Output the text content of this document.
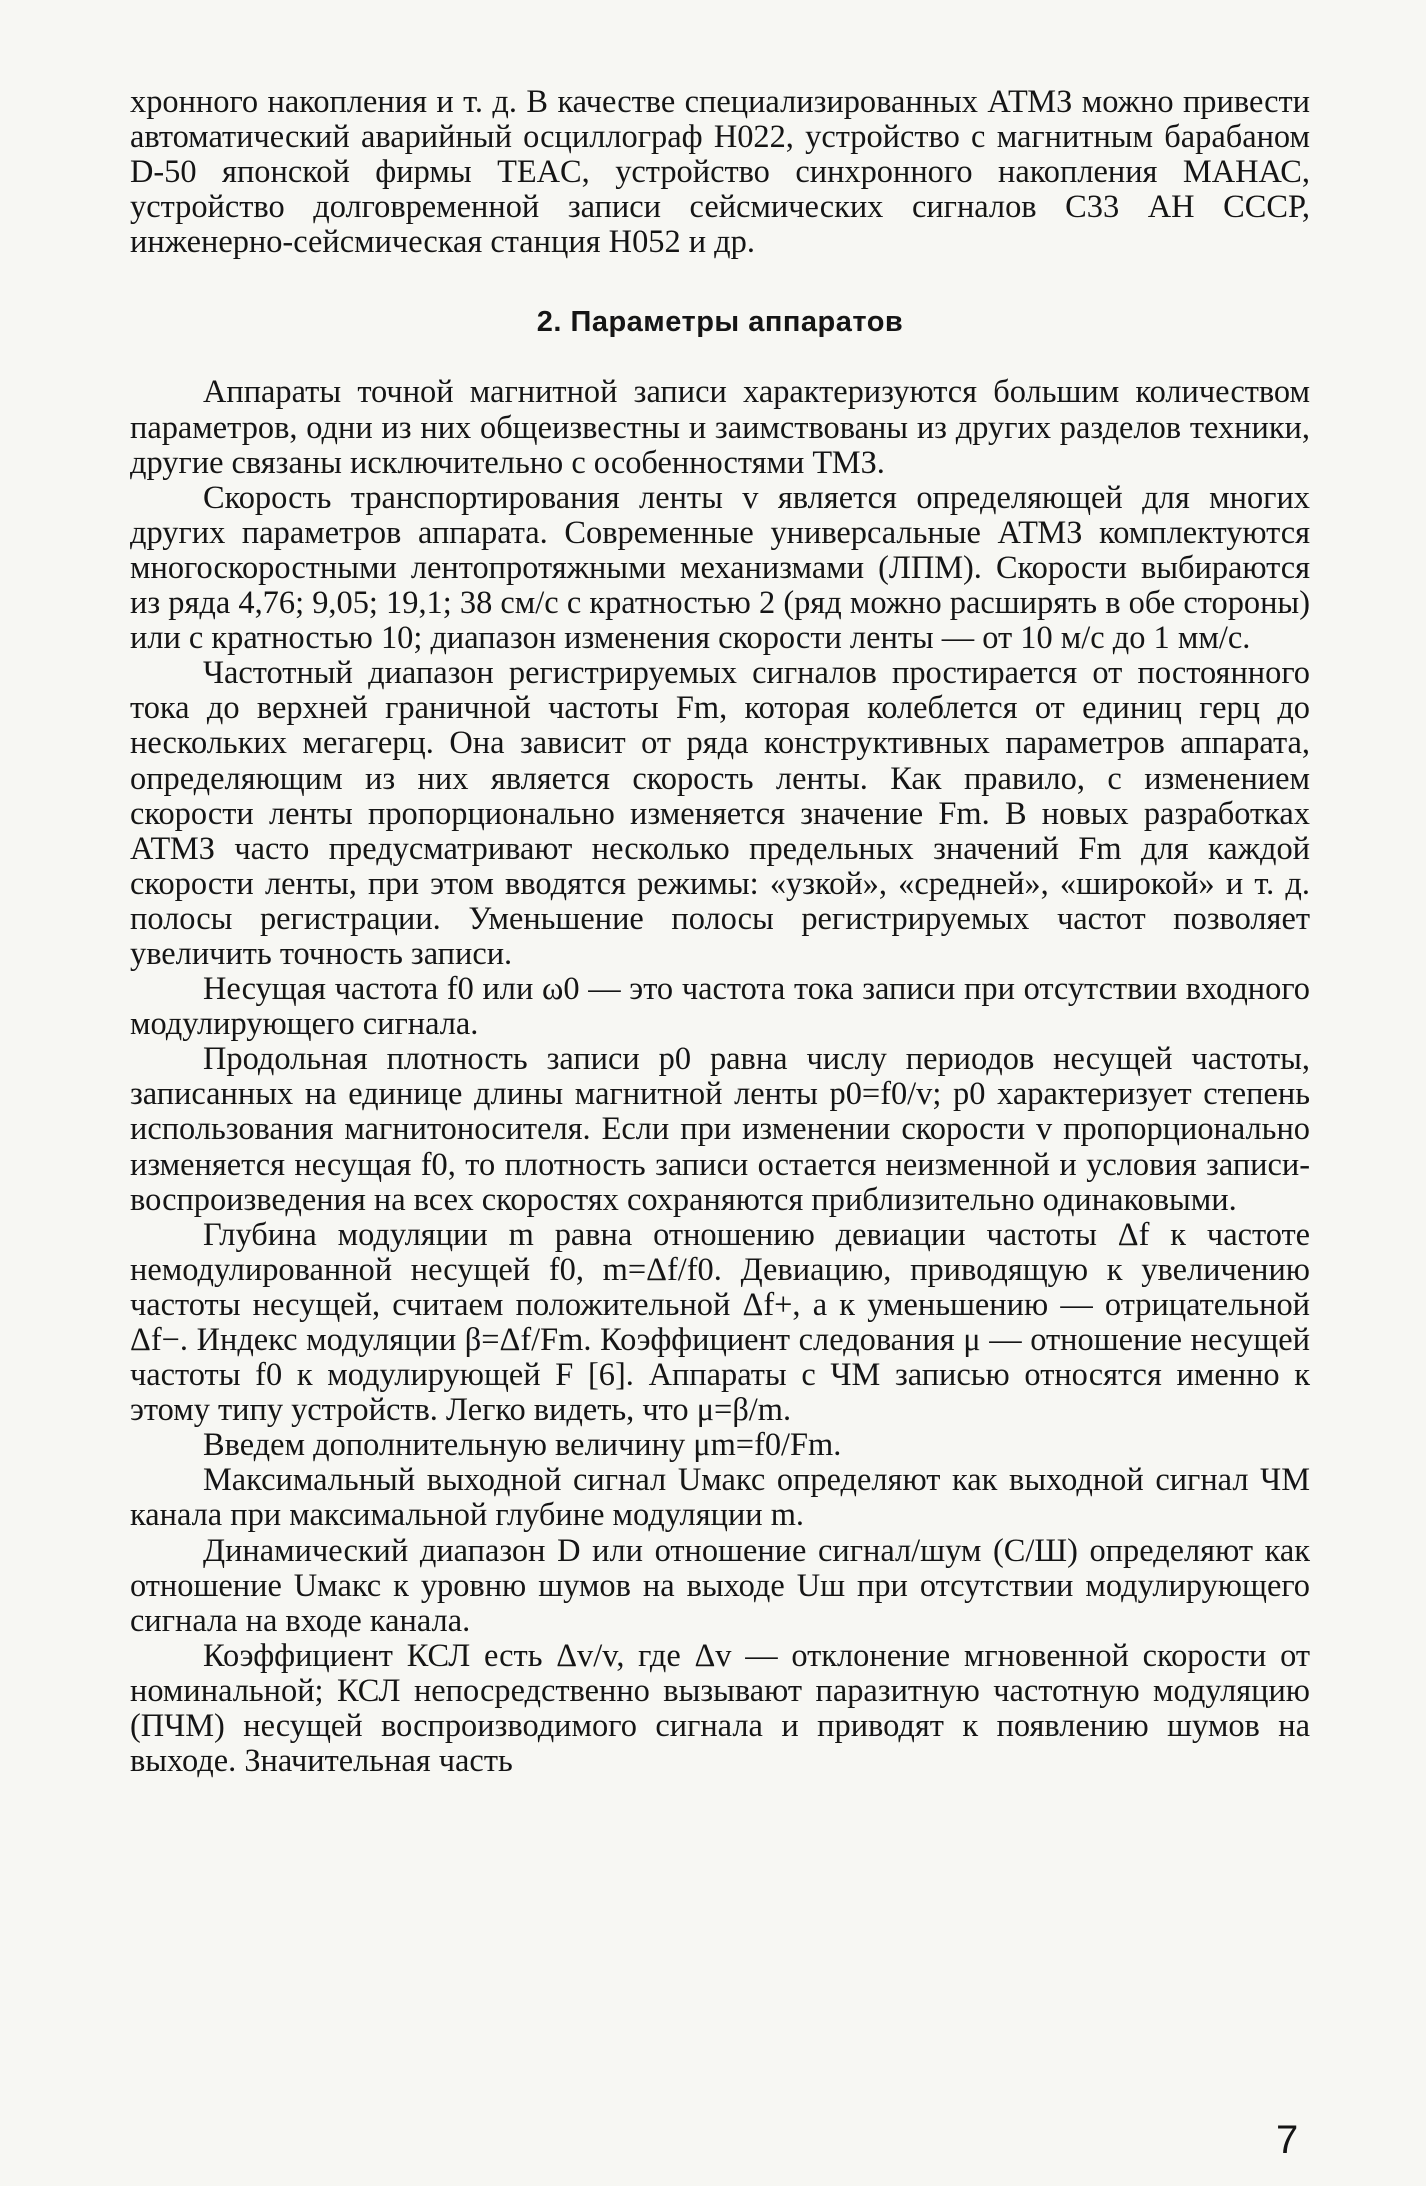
хронного накопления и т. д. В качестве специализированных АТМЗ можно привести автоматический аварийный осциллограф Н022, устройство с магнитным барабаном D-50 японской фирмы TEAC, устройство синхронного накопления МАНАС, устройство долговременной записи сейсмических сигналов С33 АН СССР, инженерно-сейсмическая станция Н052 и др.

2. Параметры аппаратов

Аппараты точной магнитной записи характеризуются большим количеством параметров, одни из них общеизвестны и заимствованы из других разделов техники, другие связаны исключительно с особенностями ТМЗ.

Скорость транспортирования ленты v является определяющей для многих других параметров аппарата. Современные универсальные АТМЗ комплектуются многоскоростными лентопротяжными механизмами (ЛПМ). Скорости выбираются из ряда 4,76; 9,05; 19,1; 38 см/с с кратностью 2 (ряд можно расширять в обе стороны) или с кратностью 10; диапазон изменения скорости ленты — от 10 м/с до 1 мм/с.

Частотный диапазон регистрируемых сигналов простирается от постоянного тока до верхней граничной частоты Fm, которая колеблется от единиц герц до нескольких мегагерц. Она зависит от ряда конструктивных параметров аппарата, определяющим из них является скорость ленты. Как правило, с изменением скорости ленты пропорционально изменяется значение Fm. В новых разработках АТМЗ часто предусматривают несколько предельных значений Fm для каждой скорости ленты, при этом вводятся режимы: «узкой», «средней», «широкой» и т. д. полосы регистрации. Уменьшение полосы регистрируемых частот позволяет увеличить точность записи.

Несущая частота f0 или ω0 — это частота тока записи при отсутствии входного модулирующего сигнала.

Продольная плотность записи p0 равна числу периодов несущей частоты, записанных на единице длины магнитной ленты p0=f0/v; p0 характеризует степень использования магнитоносителя. Если при изменении скорости v пропорционально изменяется несущая f0, то плотность записи остается неизменной и условия записи-воспроизведения на всех скоростях сохраняются приблизительно одинаковыми.

Глубина модуляции m равна отношению девиации частоты Δf к частоте немодулированной несущей f0, m=Δf/f0. Девиацию, приводящую к увеличению частоты несущей, считаем положительной Δf+, а к уменьшению — отрицательной Δf−. Индекс модуляции β=Δf/Fm. Коэффициент следования μ — отношение несущей частоты f0 к модулирующей F [6]. Аппараты с ЧМ записью относятся именно к этому типу устройств. Легко видеть, что μ=β/m.

Введем дополнительную величину μm=f0/Fm.

Максимальный выходной сигнал Uмакс определяют как выходной сигнал ЧМ канала при максимальной глубине модуляции m.

Динамический диапазон D или отношение сигнал/шум (С/Ш) определяют как отношение Uмакс к уровню шумов на выходе Uш при отсутствии модулирующего сигнала на входе канала.

Коэффициент КСЛ есть Δv/v, где Δv — отклонение мгновенной скорости от номинальной; КСЛ непосредственно вызывают паразитную частотную модуляцию (ПЧМ) несущей воспроизводимого сигнала и приводят к появлению шумов на выходе. Значительная часть

7
